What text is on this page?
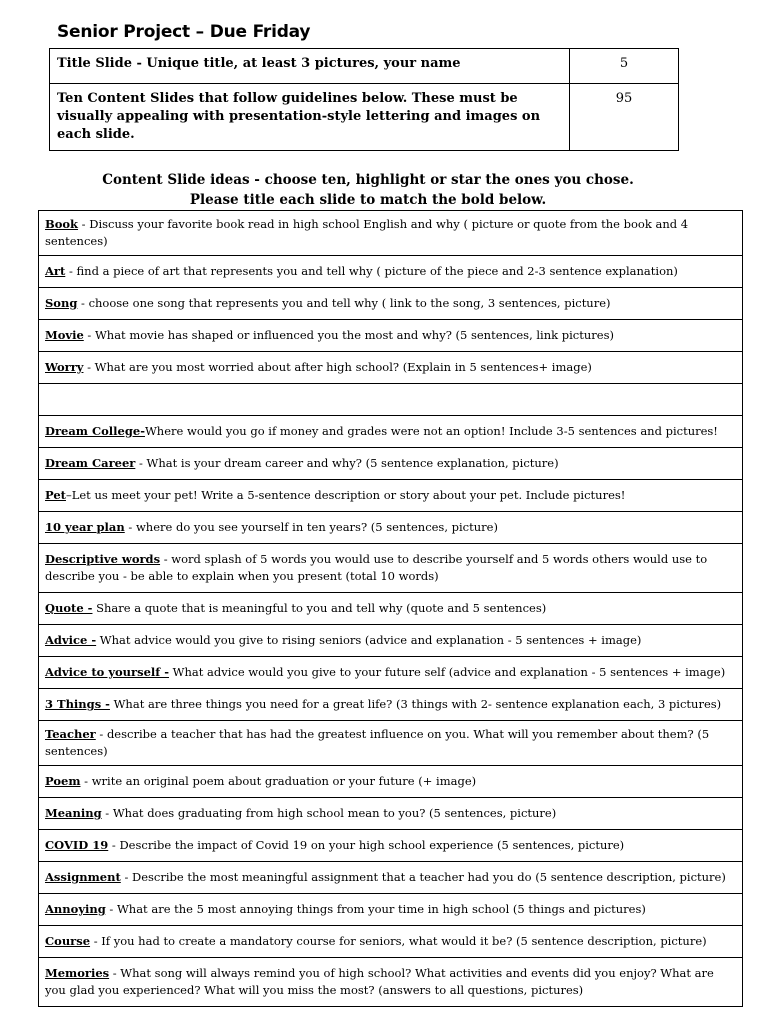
Senior Project – Due Friday
Title Slide - Unique title, at least 3 pictures, your name	5
Ten Content Slides that follow guidelines below. These must be visually appealing with presentation-style lettering and images on each slide.	95

Content Slide ideas - choose ten, highlight or star the ones you chose.

Please title each slide to match the bold below.

Book - Discuss your favorite book read in high school English and why ( picture or quote from the book and 4 sentences)
Art - find a piece of art that represents you and tell why ( picture of the piece and 2-3 sentence explanation)
Song - choose one song that represents you and tell why ( link to the song, 3 sentences, picture)
Movie - What movie has shaped or influenced you the most and why? (5 sentences, link pictures)
Worry - What are you most worried about after high school? (Explain in 5 sentences+ image)

Dream College-Where would you go if money and grades were not an option! Include 3-5 sentences and pictures!
Dream Career - What is your dream career and why? (5 sentence explanation, picture)
Pet–Let us meet your pet! Write a 5-sentence description or story about your pet. Include pictures!
10 year plan - where do you see yourself in ten years? (5 sentences, picture)
Descriptive words - word splash of 5 words you would use to describe yourself and 5 words others would use to describe you - be able to explain when you present (total 10 words)
Quote - Share a quote that is meaningful to you and tell why (quote and 5 sentences)
Advice - What advice would you give to rising seniors (advice and explanation - 5 sentences + image)
Advice to yourself - What advice would you give to your future self (advice and explanation - 5 sentences + image)
3 Things - What are three things you need for a great life? (3 things with 2- sentence explanation each, 3 pictures)
Teacher - describe a teacher that has had the greatest influence on you. What will you remember about them? (5 sentences)
Poem - write an original poem about graduation or your future (+ image)
Meaning - What does graduating from high school mean to you? (5 sentences, picture)
COVID 19 - Describe the impact of Covid 19 on your high school experience (5 sentences, picture)
Assignment - Describe the most meaningful assignment that a teacher had you do (5 sentence description, picture)
Annoying - What are the 5 most annoying things from your time in high school (5 things and pictures)
Course - If you had to create a mandatory course for seniors, what would it be? (5 sentence description, picture)
Memories - What song will always remind you of high school? What activities and events did you enjoy? What are you glad you experienced? What will you miss the most? (answers to all questions, pictures)
